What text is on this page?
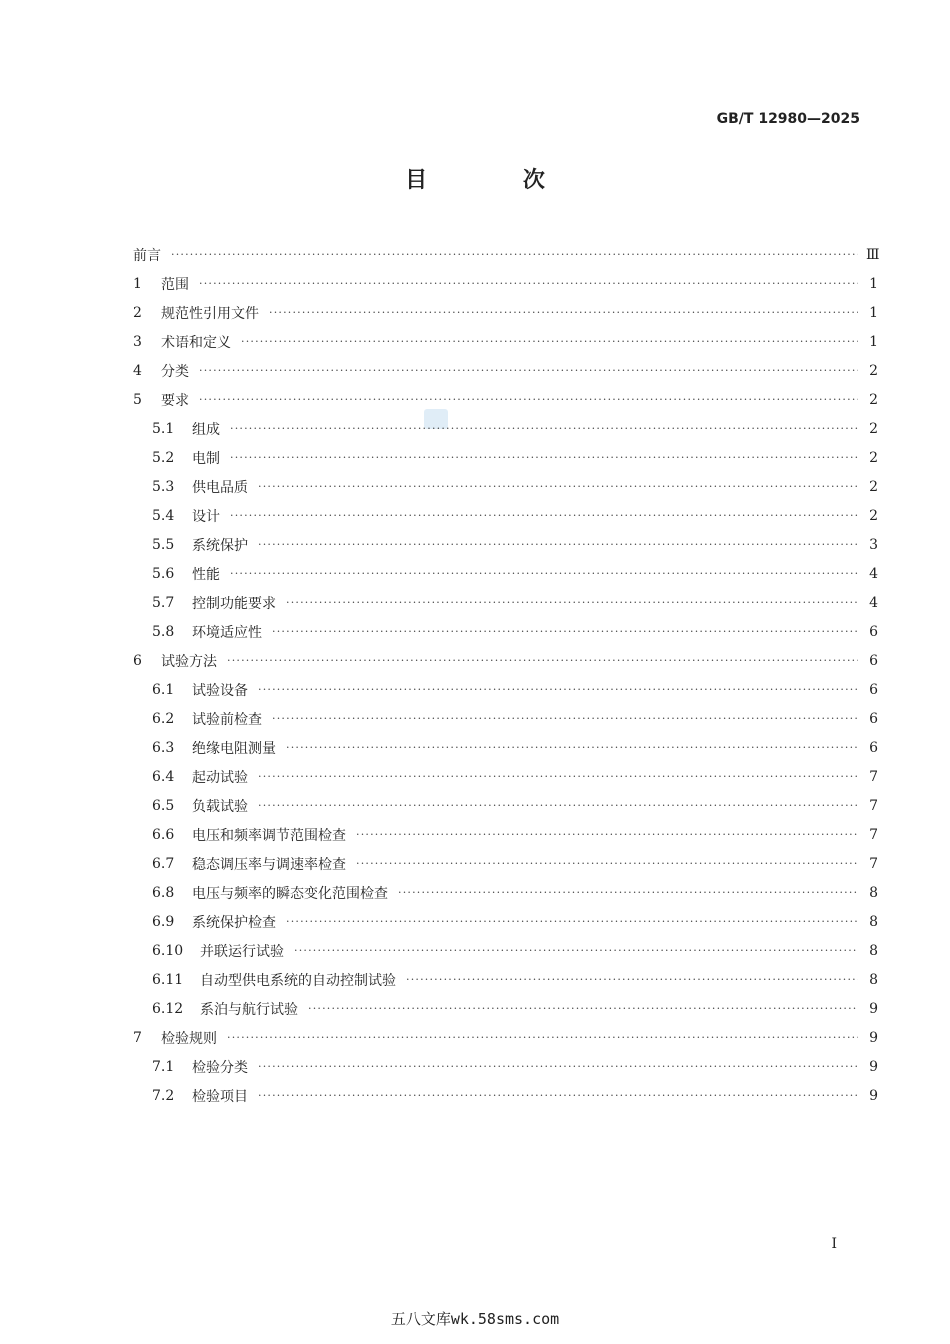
GB/T 12980—2025
目 次
前言 ·····	Ⅲ
1	范围 ·····	1
2	规范性引用文件 ·····	1
3	术语和定义 ·····	1
4	分类 ·····	2
5	要求 ·····	2
5.1	组成 ·····	2
5.2	电制 ·····	2
5.3	供电品质 ·····	2
5.4	设计 ·····	2
5.5	系统保护 ·····	3
5.6	性能 ·····	4
5.7	控制功能要求 ·····	4
5.8	环境适应性 ·····	6
6	试验方法 ·····	6
6.1	试验设备 ·····	6
6.2	试验前检查 ·····	6
6.3	绝缘电阻测量 ·····	6
6.4	起动试验 ·····	7
6.5	负载试验 ·····	7
6.6	电压和频率调节范围检查 ·····	7
6.7	稳态调压率与调速率检查 ·····	7
6.8	电压与频率的瞬态变化范围检查 ·····	8
6.9	系统保护检查 ·····	8
6.10	并联运行试验 ·····	8
6.11	自动型供电系统的自动控制试验 ·····	8
6.12	系泊与航行试验 ·····	9
7	检验规则 ·····	9
7.1	检验分类 ·····	9
7.2	检验项目 ·····	9
I
五八文库wk.58sms.com
